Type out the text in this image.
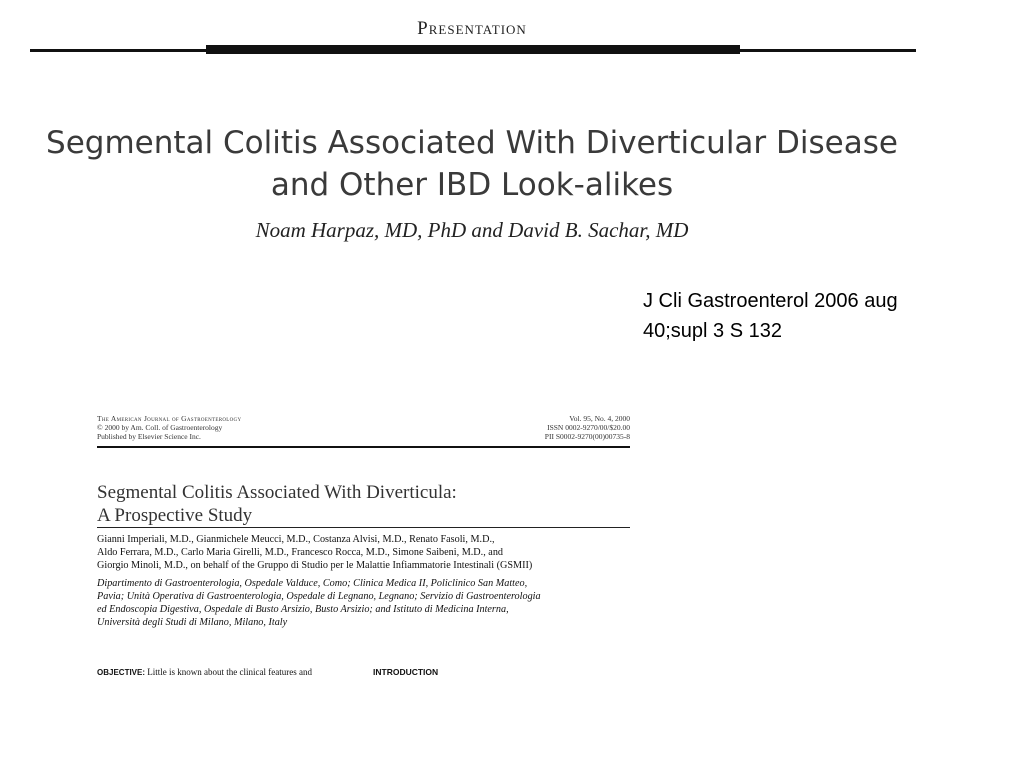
Presentation
Segmental Colitis Associated With Diverticular Disease
and Other IBD Look-alikes
Noam Harpaz, MD, PhD and David B. Sachar, MD
J Cli Gastroenterol 2006 aug
40;supl 3 S 132
The American Journal of Gastroenterology
© 2000 by Am. Coll. of Gastroenterology
Published by Elsevier Science Inc.
Vol. 95, No. 4, 2000
ISSN 0002-9270/00/$20.00
PII S0002-9270(00)00735-8
Segmental Colitis Associated With Diverticula:
A Prospective Study
Gianni Imperiali, M.D., Gianmichele Meucci, M.D., Costanza Alvisi, M.D., Renato Fasoli, M.D.,
Aldo Ferrara, M.D., Carlo Maria Girelli, M.D., Francesco Rocca, M.D., Simone Saibeni, M.D., and
Giorgio Minoli, M.D., on behalf of the Gruppo di Studio per le Malattie Infiammatorie Intestinali (GSMII)
Dipartimento di Gastroenterologia, Ospedale Valduce, Como; Clinica Medica II, Policlinico San Matteo,
Pavia; Unità Operativa di Gastroenterologia, Ospedale di Legnano, Legnano; Servizio di Gastroenterologia
ed Endoscopia Digestiva, Ospedale di Busto Arsizio, Busto Arsizio; and Istituto di Medicina Interna,
Università degli Studi di Milano, Milano, Italy
OBJECTIVE: Little is known about the clinical features and	INTRODUCTION
